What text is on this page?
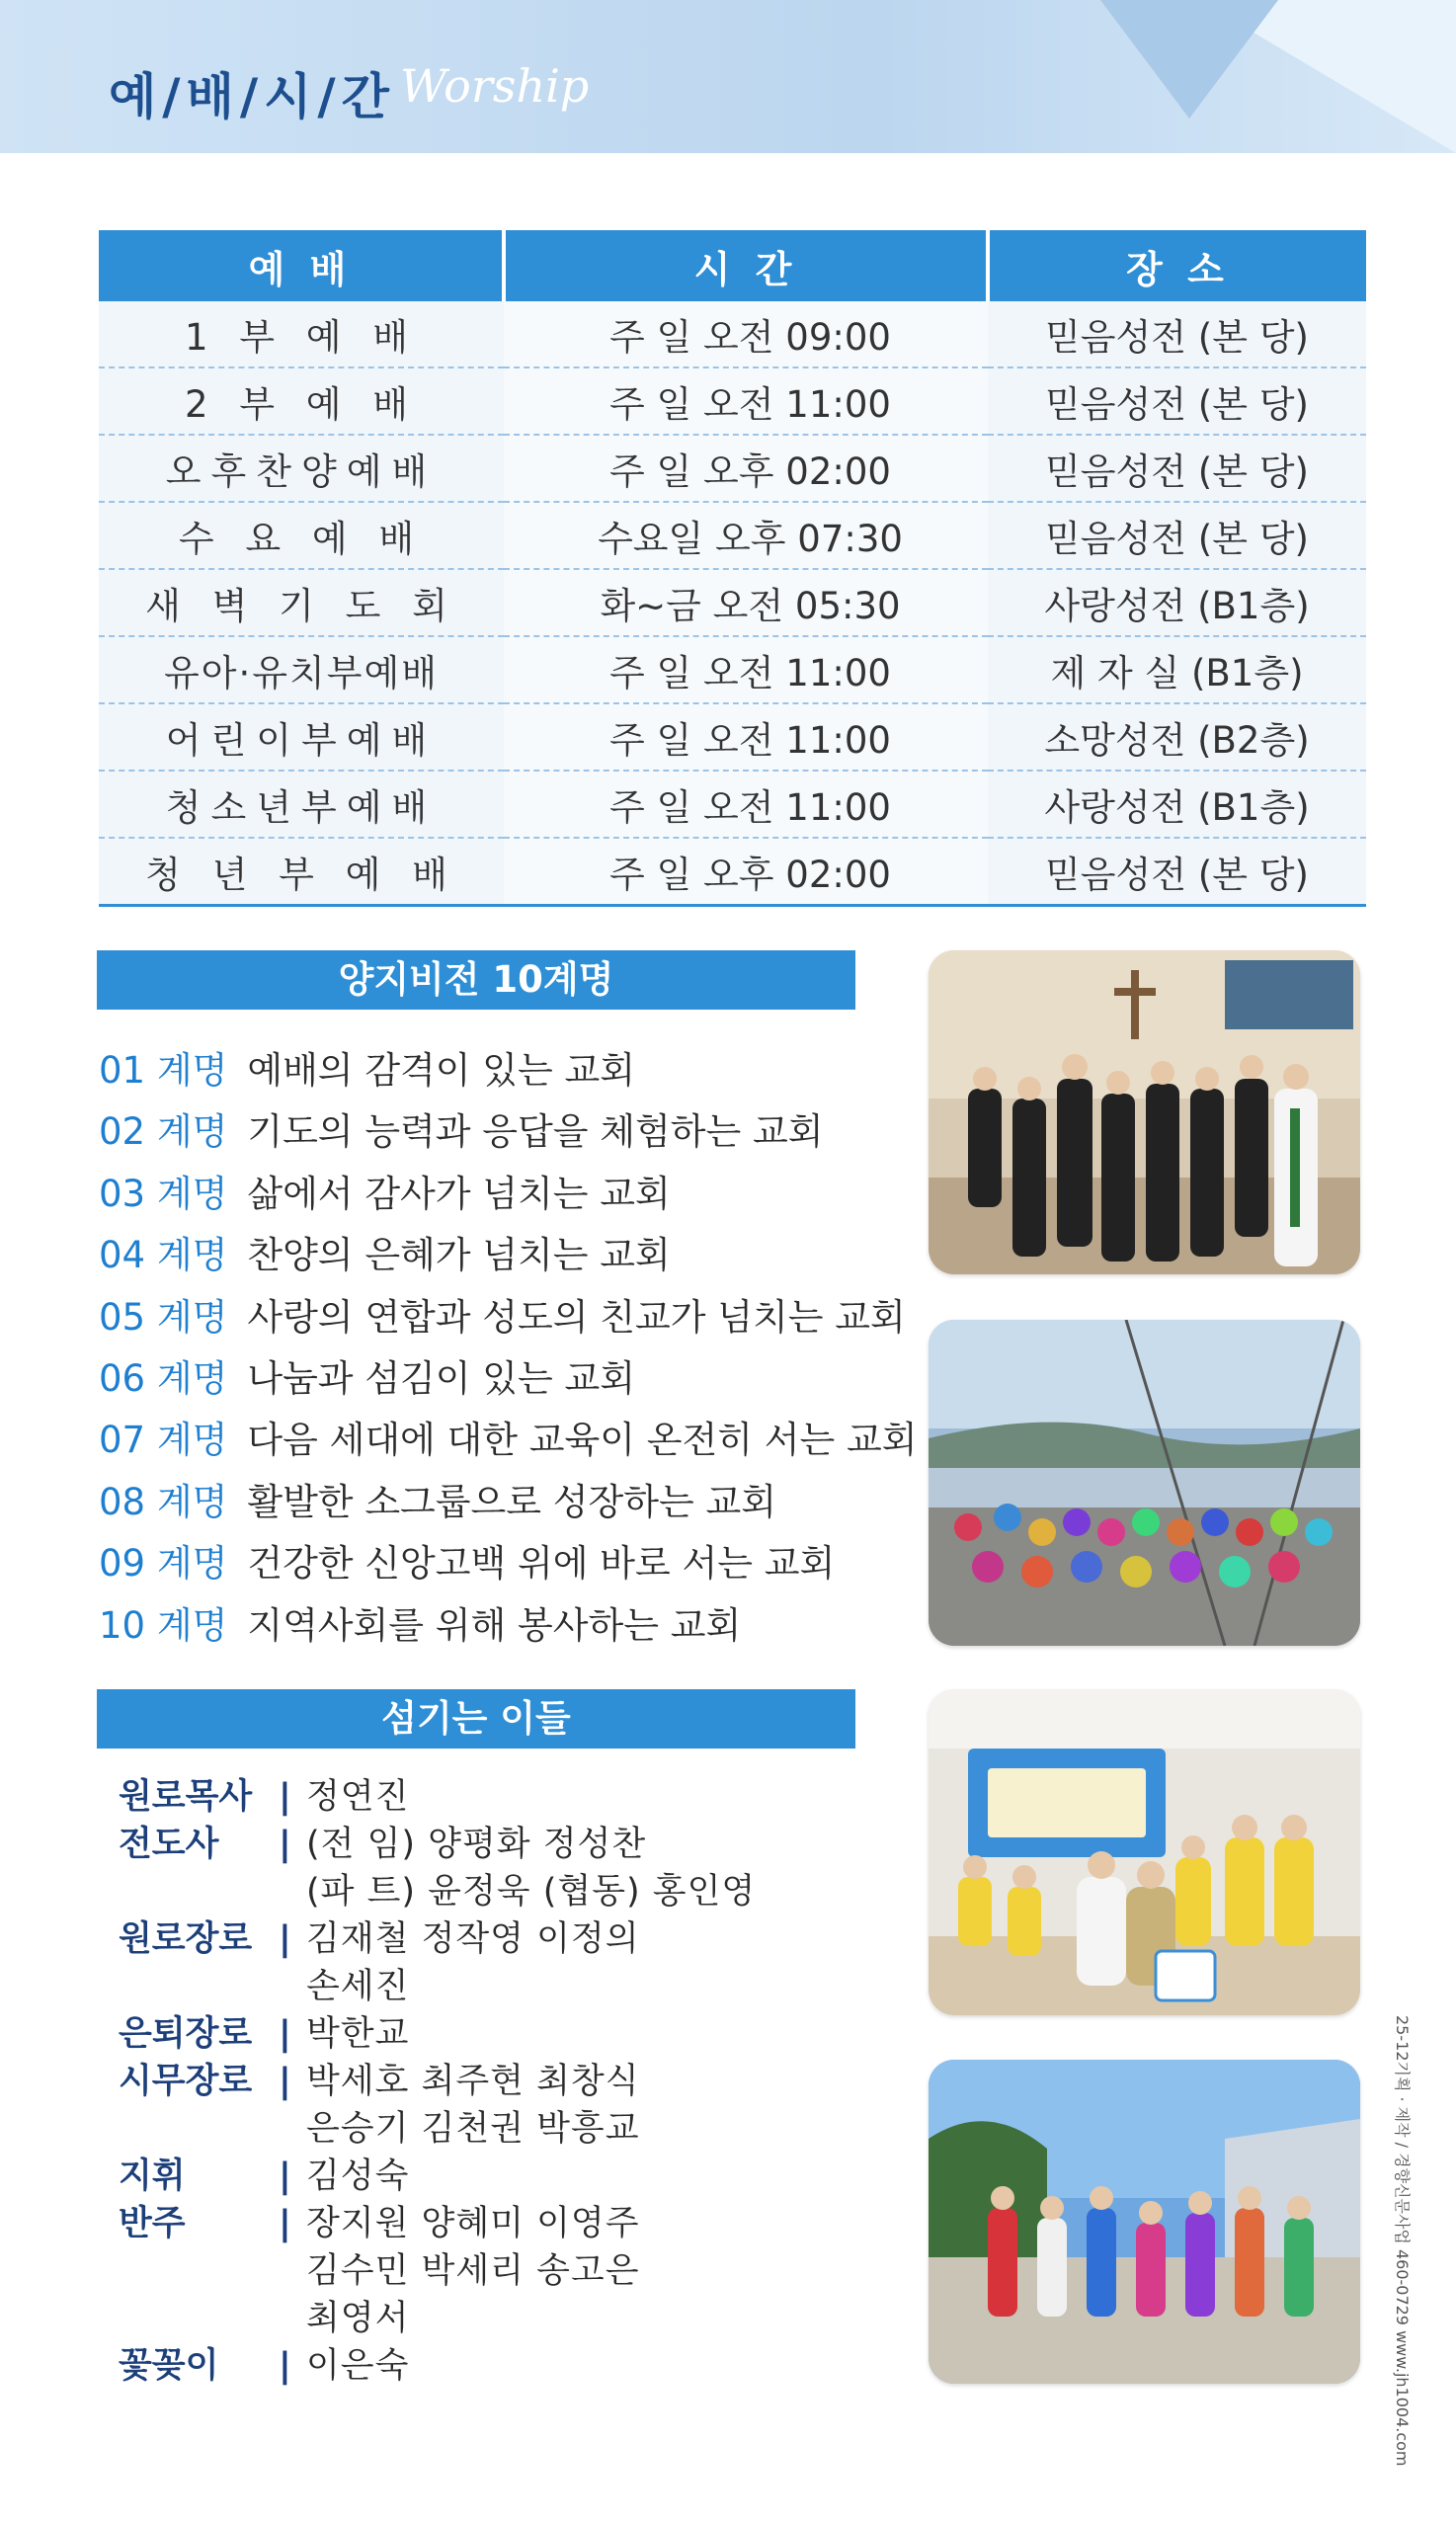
예/배/시/간 Worship
예 배	시 간	장 소
1 부 예 배	주 일 오전 09:00	믿음성전 (본 당)
2 부 예 배	주 일 오전 11:00	믿음성전 (본 당)
오후찬양예배	주 일 오후 02:00	믿음성전 (본 당)
수 요 예 배	수요일 오후 07:30	믿음성전 (본 당)
새 벽 기 도 회	화~금 오전 05:30	사랑성전 (B1층)
유아·유치부예배	주 일 오전 11:00	제 자 실 (B1층)
어린이부예배	주 일 오전 11:00	소망성전 (B2층)
청소년부예배	주 일 오전 11:00	사랑성전 (B1층)
청 년 부 예 배	주 일 오후 02:00	믿음성전 (본 당)
양지비전 10계명
01 계명 예배의 감격이 있는 교회
02 계명 기도의 능력과 응답을 체험하는 교회
03 계명 삶에서 감사가 넘치는 교회
04 계명 찬양의 은혜가 넘치는 교회
05 계명 사랑의 연합과 성도의 친교가 넘치는 교회
06 계명 나눔과 섬김이 있는 교회
07 계명 다음 세대에 대한 교육이 온전히 서는 교회
08 계명 활발한 소그룹으로 성장하는 교회
09 계명 건강한 신앙고백 위에 바로 서는 교회
10 계명 지역사회를 위해 봉사하는 교회
섬기는 이들
원로목사 | 정연진
전도사	| (전 임) 양평화 정성찬
(파 트) 윤정욱 (협동) 홍인영
원로장로 | 김재철 정작영 이정의
손세진
은퇴장로 | 박한교
시무장로 | 박세호 최주현 최창식
은승기 김천권 박흥교
지휘	| 김성숙
반주	| 장지원 양혜미 이영주
김수민 박세리 송고은
최영서
꽃꽂이	| 이은숙	25-12기획 · 제작 / 경향신문사업 460-0729 www.jh1004.com
